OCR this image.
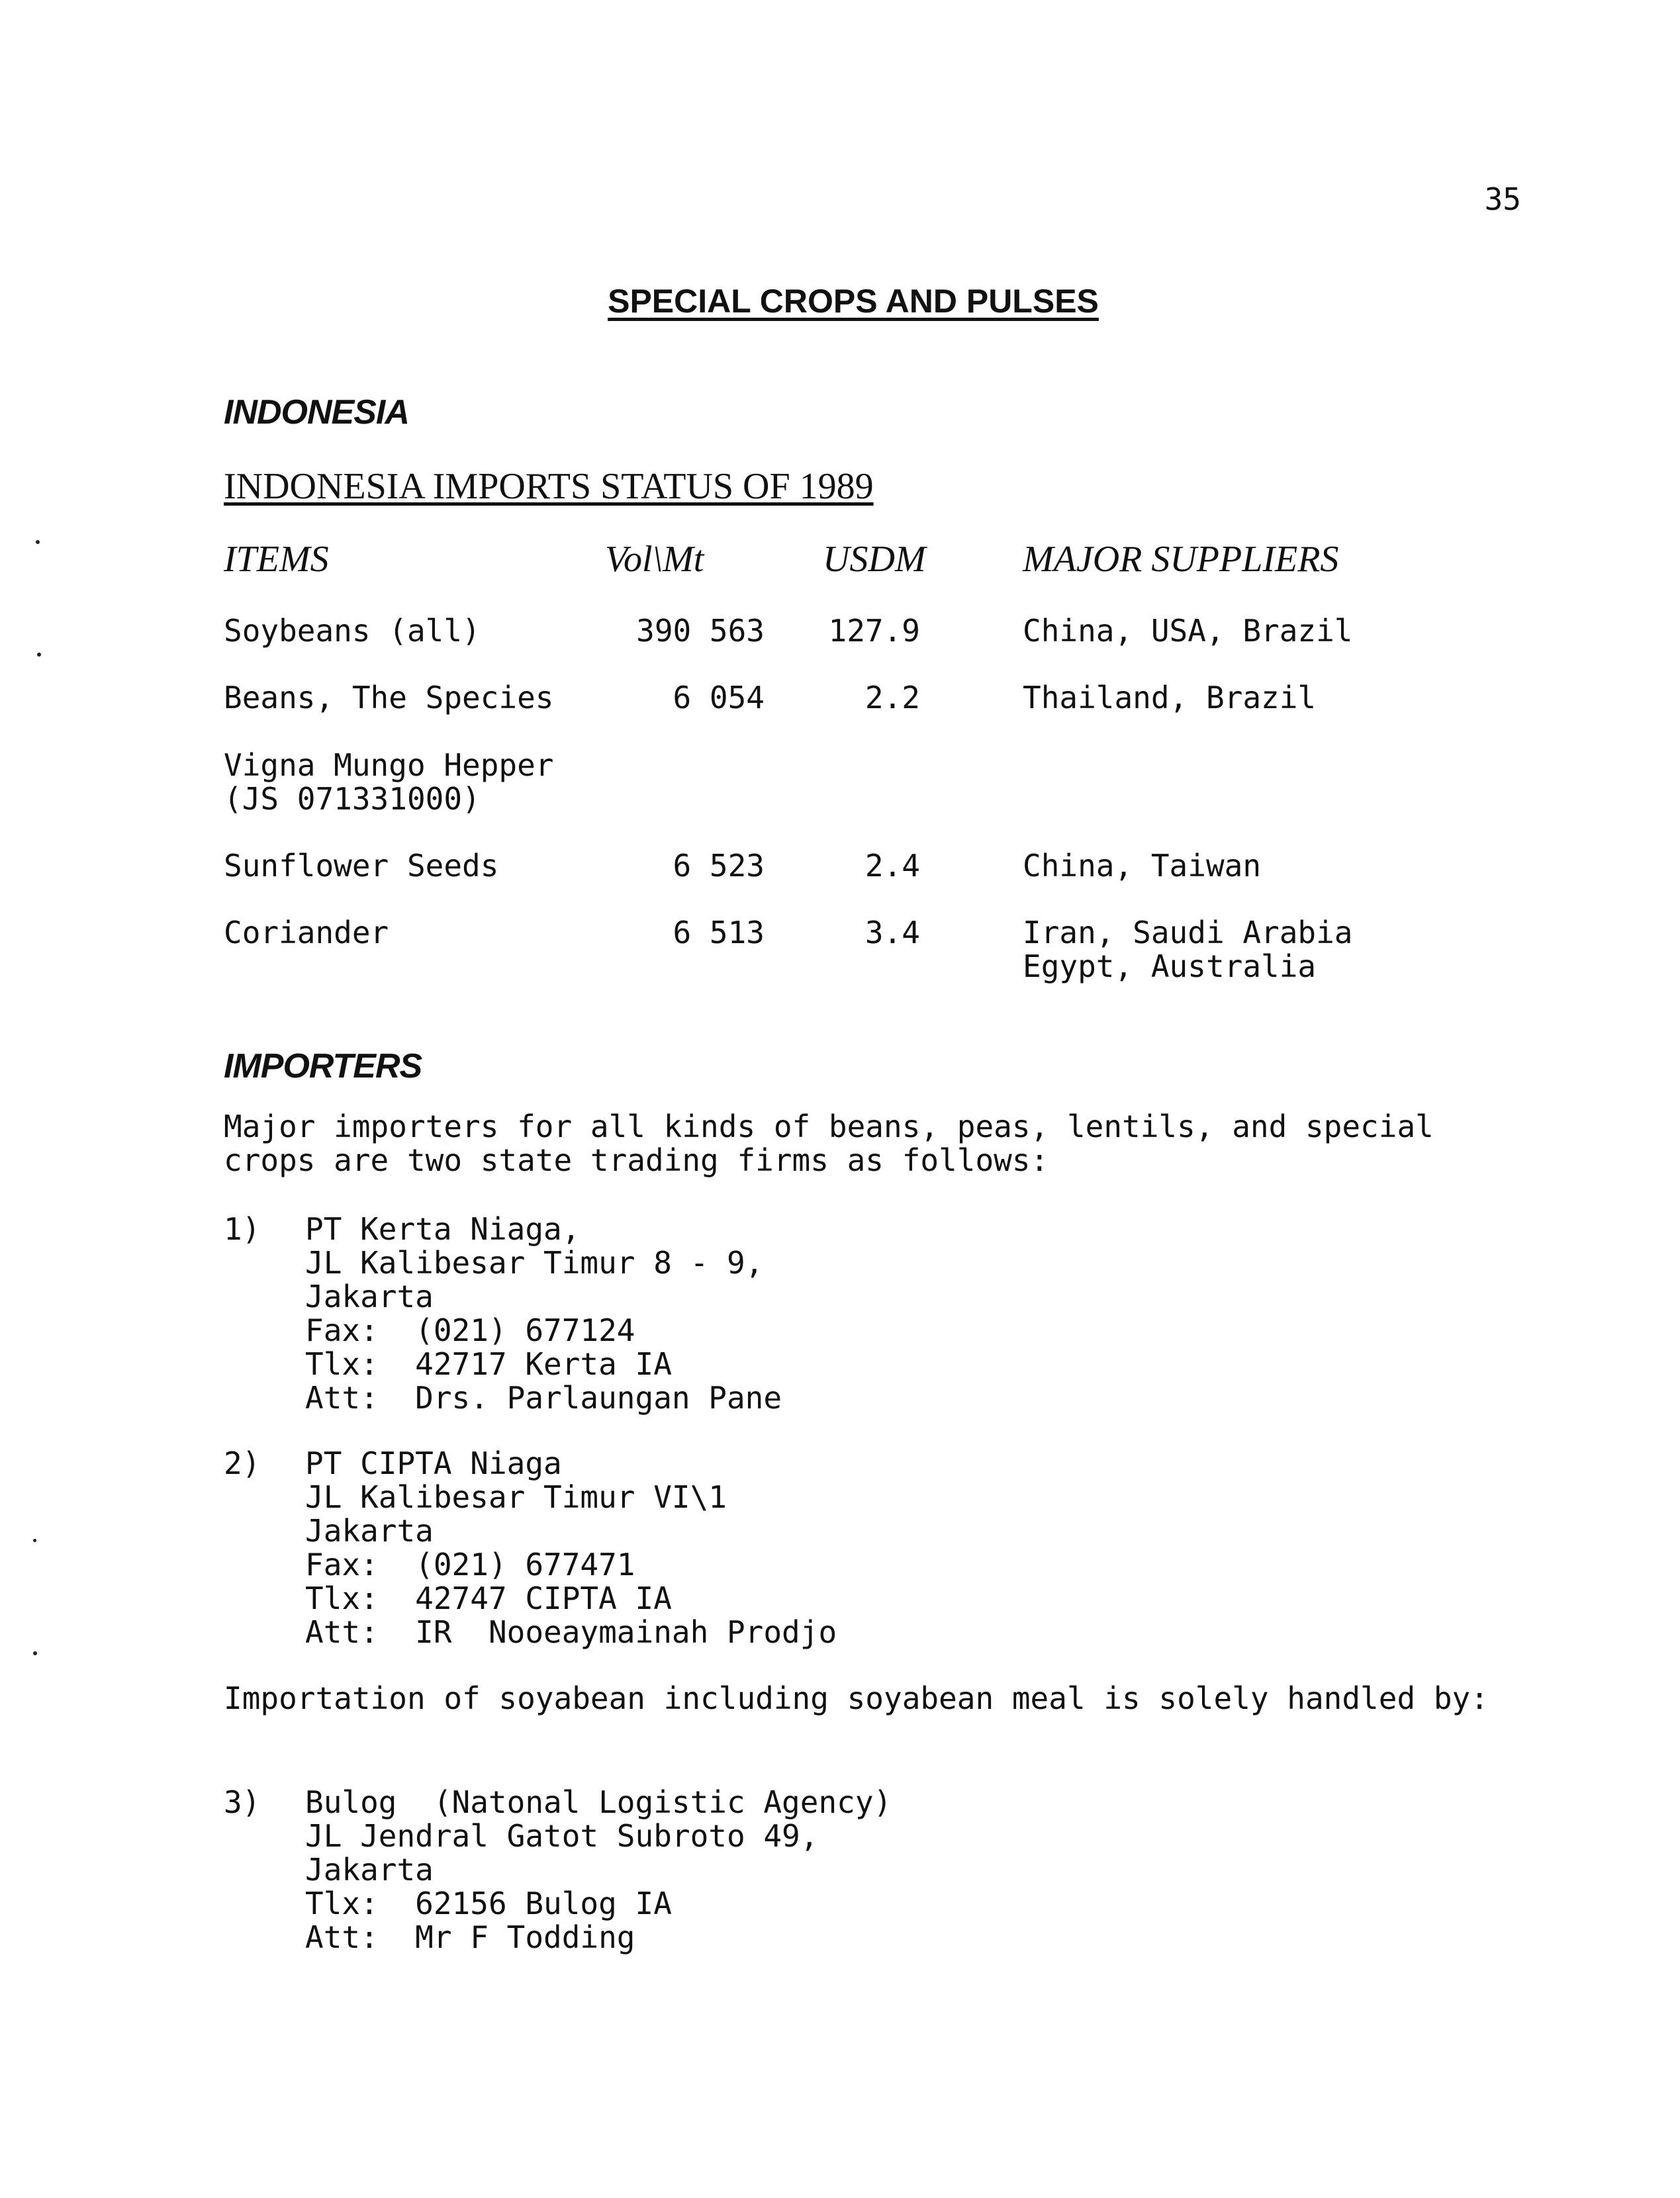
35
SPECIAL CROPS AND PULSES
INDONESIA
INDONESIA IMPORTS STATUS OF 1989
ITEMS	Vol\Mt	USDM	MAJOR SUPPLIERS
Soybeans (all)	390 563	127.9	China, USA, Brazil
Beans, The Species	6 054	2.2	Thailand, Brazil
Vigna Mungo Hepper
(JS 071331000)
Sunflower Seeds	6 523	2.4	China, Taiwan
Coriander	6 513	3.4	Iran, Saudi Arabia
Egypt, Australia
IMPORTERS
Major importers for all kinds of beans, peas, lentils, and special crops are two state trading firms as follows:
1) PT Kerta Niaga,
JL Kalibesar Timur 8 - 9,
Jakarta
Fax:  (021) 677124
Tlx:  42717 Kerta IA
Att:  Drs. Parlaungan Pane
2) PT CIPTA Niaga
JL Kalibesar Timur VI\1
Jakarta
Fax:  (021) 677471
Tlx:  42747 CIPTA IA
Att:  IR  Nooeaymainah Prodjo
Importation of soyabean including soyabean meal is solely handled by:
3) Bulog  (Natonal Logistic Agency)
JL Jendral Gatot Subroto 49,
Jakarta
Tlx:  62156 Bulog IA
Att:  Mr F Todding
